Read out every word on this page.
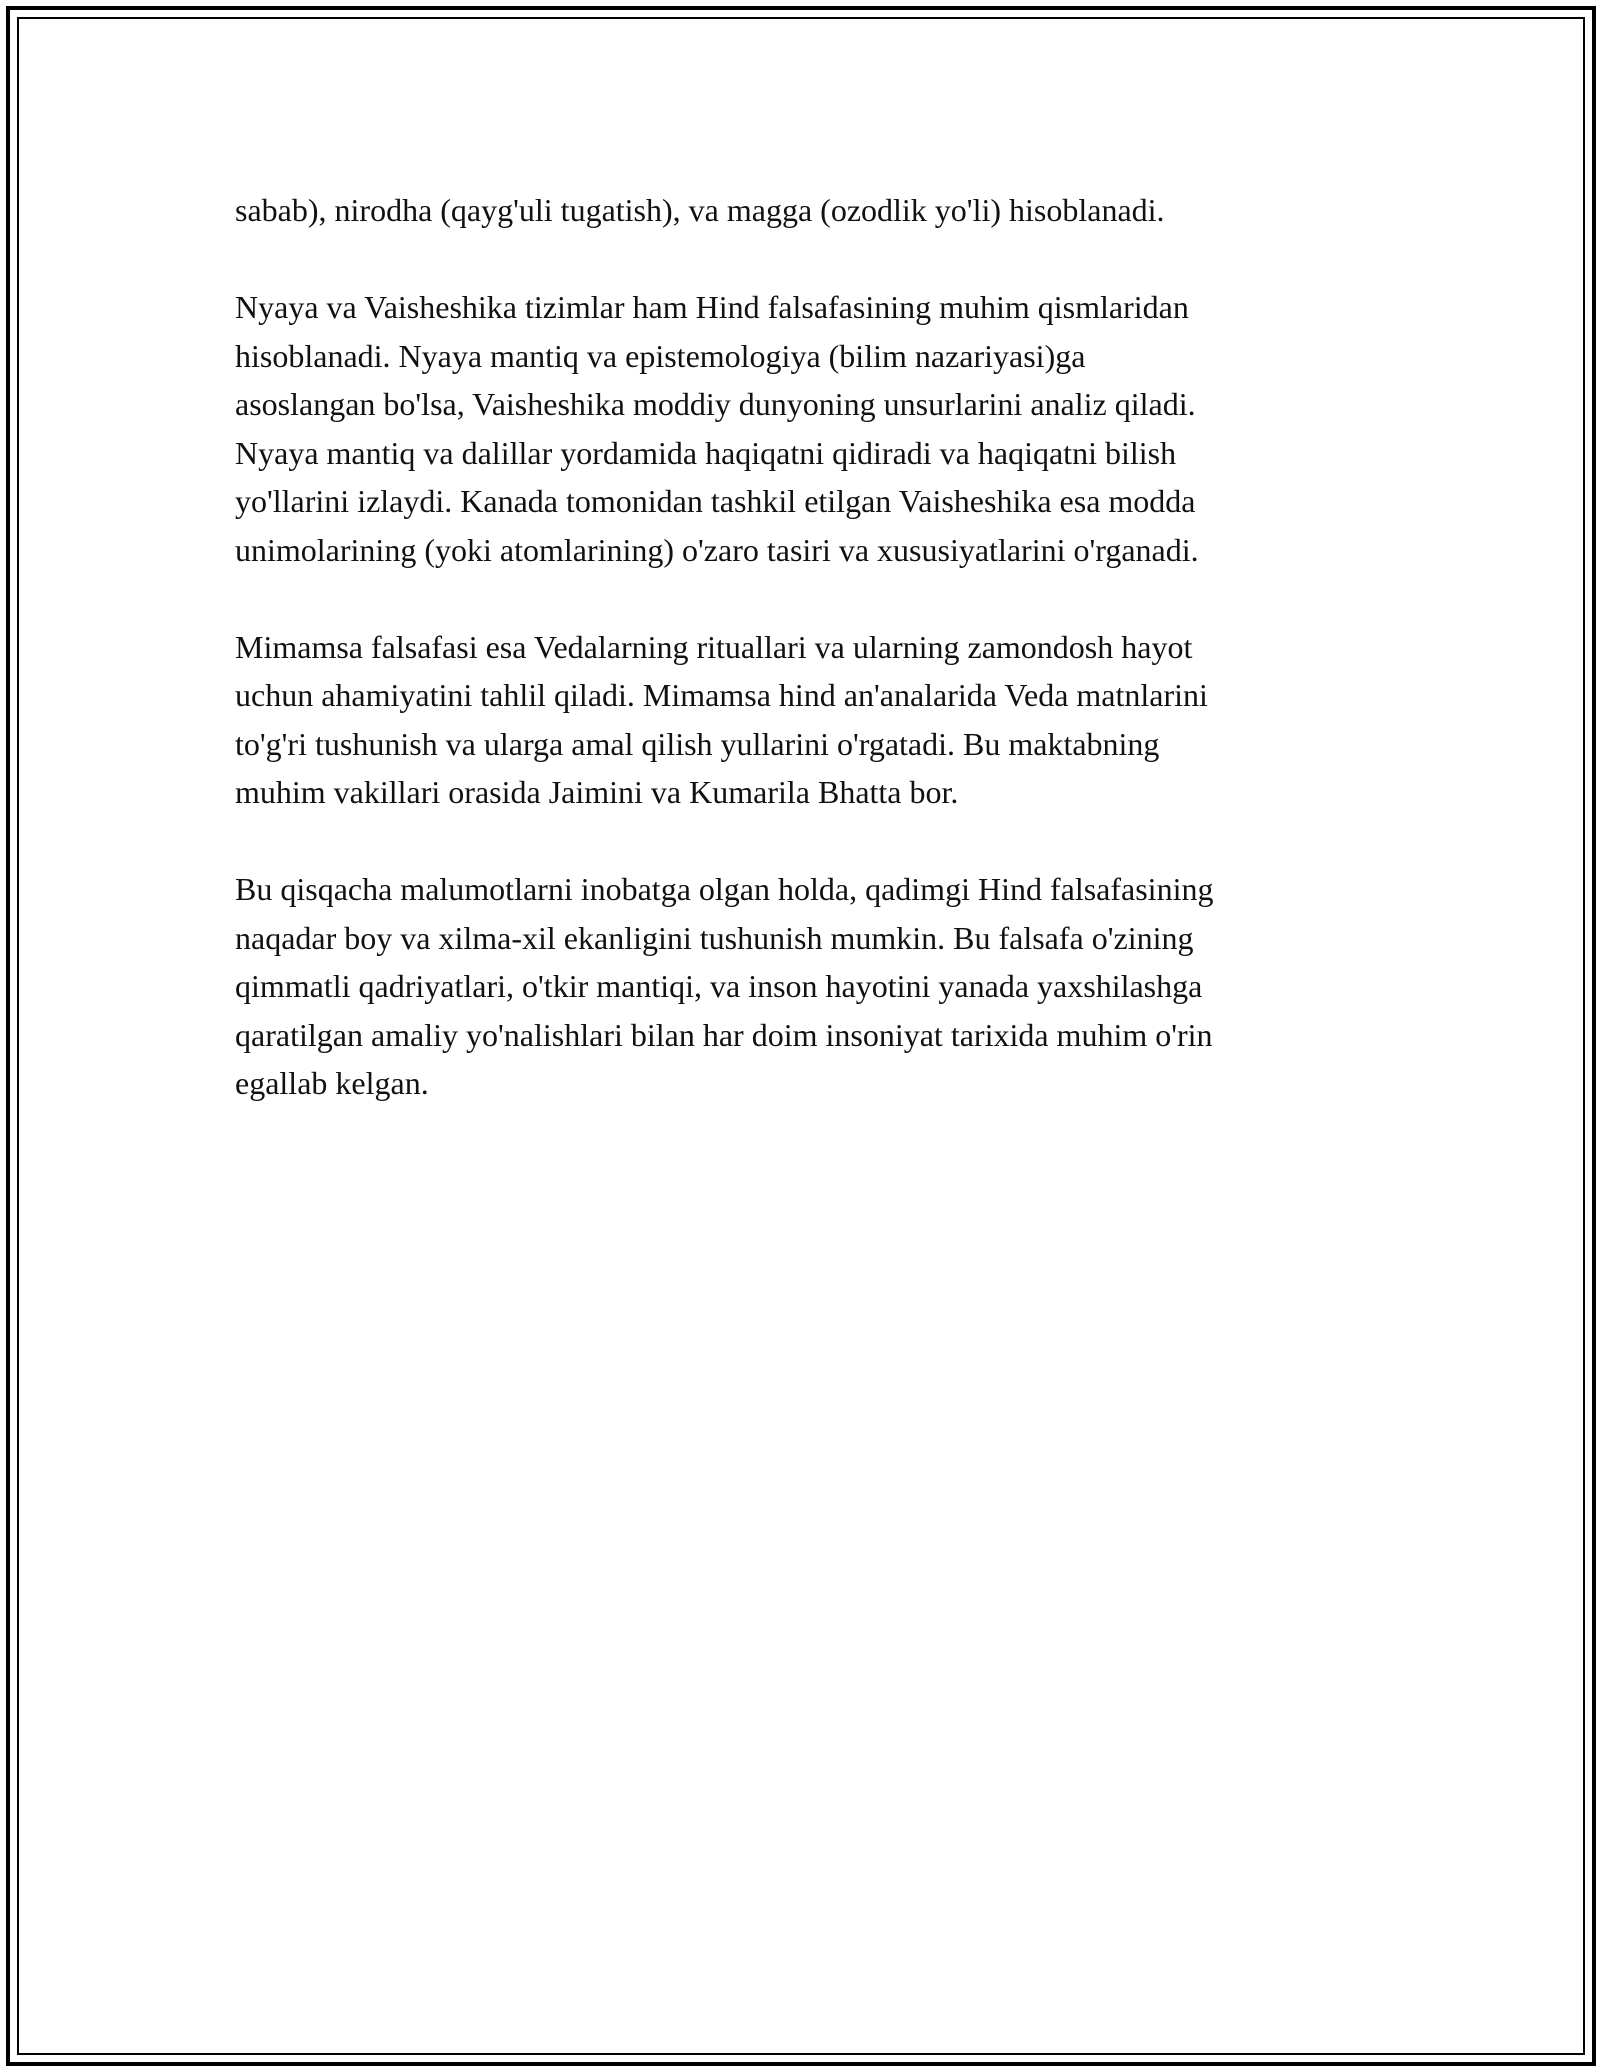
sabab), nirodha (qayg'uli tugatish), va magga (ozodlik yo'li) hisoblanadi.

Nyaya va Vaisheshika tizimlar ham Hind falsafasining muhim qismlaridan
hisoblanadi. Nyaya mantiq va epistemologiya (bilim nazariyasi)ga
asoslangan bo'lsa, Vaisheshika moddiy dunyoning unsurlarini analiz qiladi.
Nyaya mantiq va dalillar yordamida haqiqatni qidiradi va haqiqatni bilish
yo'llarini izlaydi. Kanada tomonidan tashkil etilgan Vaisheshika esa modda
unimolarining (yoki atomlarining) o'zaro tasiri va xususiyatlarini o'rganadi.

Mimamsa falsafasi esa Vedalarning rituallari va ularning zamondosh hayot
uchun ahamiyatini tahlil qiladi. Mimamsa hind an'analarida Veda matnlarini
to'g'ri tushunish va ularga amal qilish yullarini o'rgatadi. Bu maktabning
muhim vakillari orasida Jaimini va Kumarila Bhatta bor.

Bu qisqacha malumotlarni inobatga olgan holda, qadimgi Hind falsafasining
naqadar boy va xilma-xil ekanligini tushunish mumkin. Bu falsafa o'zining
qimmatli qadriyatlari, o'tkir mantiqi, va inson hayotini yanada yaxshilashga
qaratilgan amaliy yo'nalishlari bilan har doim insoniyat tarixida muhim o'rin
egallab kelgan.
